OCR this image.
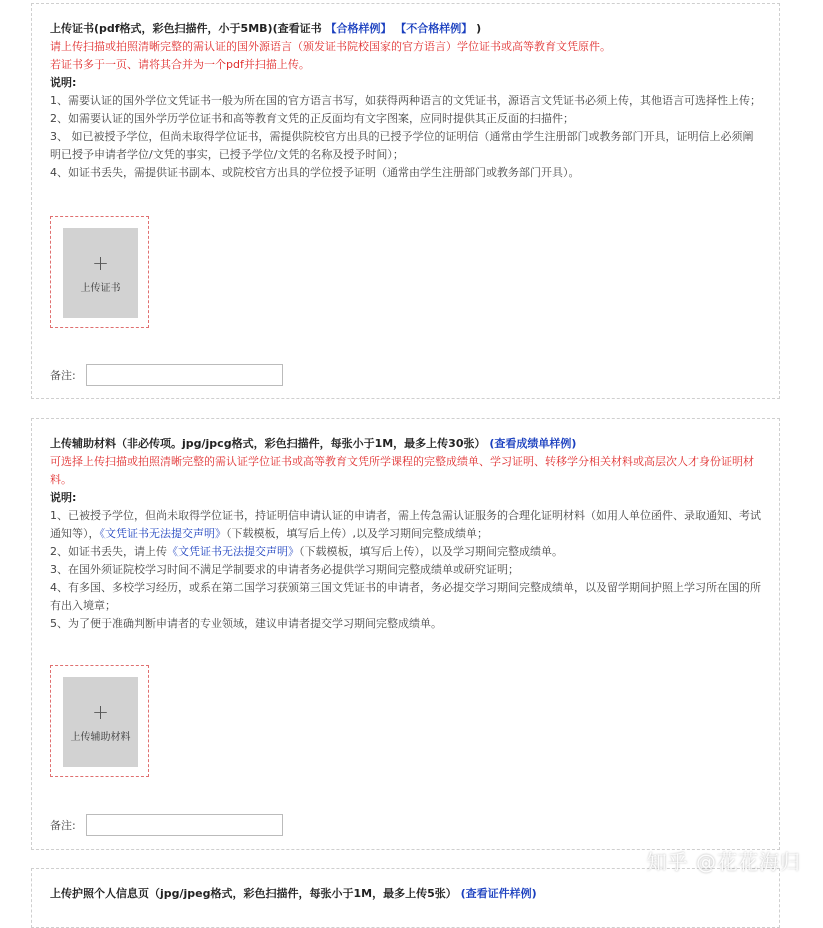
上传证书(pdf格式，彩色扫描件，小于5MB)(查看证书 【合格样例】 【不合格样例】 )

请上传扫描或拍照清晰完整的需认证的国外源语言（颁发证书院校国家的官方语言）学位证书或高等教育文凭原件。

若证书多于一页、请将其合并为一个pdf并扫描上传。

说明:

1、需要认证的国外学位文凭证书一般为所在国的官方语言书写，如获得两种语言的文凭证书，源语言文凭证书必须上传，其他语言可选择性上传；

2、如需要认证的国外学历学位证书和高等教育文凭的正反面均有文字图案，应同时提供其正反面的扫描件；

3、 如已被授予学位，但尚未取得学位证书，需提供院校官方出具的已授予学位的证明信（通常由学生注册部门或教务部门开具，证明信上必须阐明已授予申请者学位/文凭的事实，已授予学位/文凭的名称及授予时间）；

4、如证书丢失，需提供证书副本、或院校官方出具的学位授予证明（通常由学生注册部门或教务部门开具）。

+
上传证书
备注:

上传辅助材料（非必传项。jpg/jpcg格式，彩色扫描件，每张小于1M，最多上传30张） (查看成绩单样例)

可选择上传扫描或拍照清晰完整的需认证学位证书或高等教育文凭所学课程的完整成绩单、学习证明、转移学分相关材料或高层次人才身份证明材料。

说明:

1、已被授予学位，但尚未取得学位证书，持证明信申请认证的申请者，需上传急需认证服务的合理化证明材料（如用人单位函件、录取通知、考试通知等），《文凭证书无法提交声明》（下载模板，填写后上传）,以及学习期间完整成绩单；

2、如证书丢失，请上传《文凭证书无法提交声明》（下载模板，填写后上传），以及学习期间完整成绩单。

3、在国外须证院校学习时间不满足学制要求的申请者务必提供学习期间完整成绩单或研究证明；

4、有多国、多校学习经历，或系在第二国学习获颁第三国文凭证书的申请者，务必提交学习期间完整成绩单，以及留学期间护照上学习所在国的所有出入境章；

5、为了便于准确判断申请者的专业领域，建议申请者提交学习期间完整成绩单。

+
上传辅助材料
备注:

上传护照个人信息页（jpg/jpeg格式，彩色扫描件，每张小于1M，最多上传5张） (查看证件样例)

知乎 @花花海归
